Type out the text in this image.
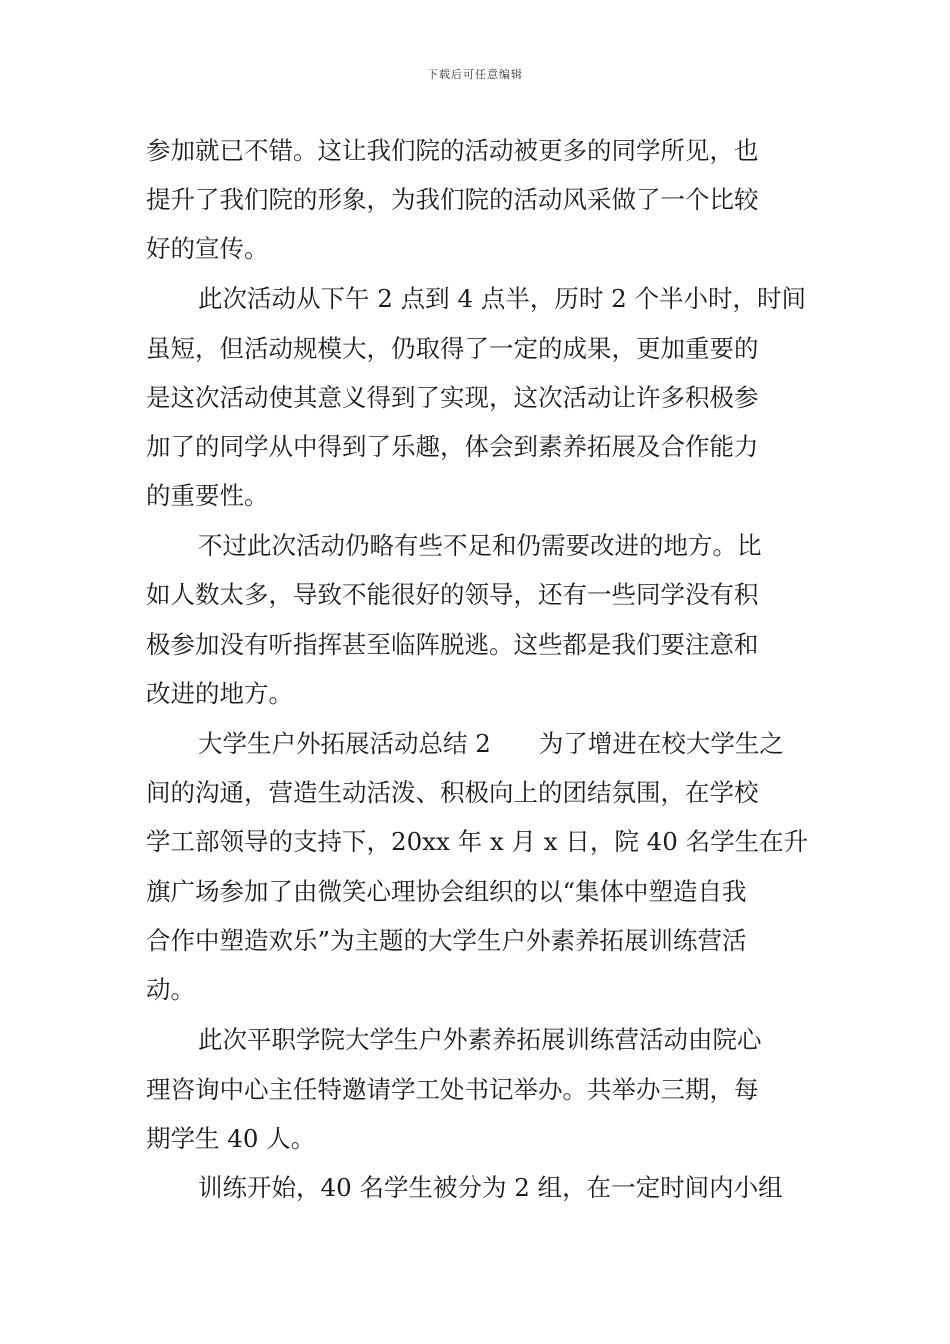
下载后可任意编辑
参加就已不错。这让我们院的活动被更多的同学所见，也
提升了我们院的形象，为我们院的活动风采做了一个比较
好的宣传。
此次活动从下午 2 点到 4 点半，历时 2 个半小时，时间
虽短，但活动规模大，仍取得了一定的成果，更加重要的
是这次活动使其意义得到了实现，这次活动让许多积极参
加了的同学从中得到了乐趣，体会到素养拓展及合作能力
的重要性。
不过此次活动仍略有些不足和仍需要改进的地方。比
如人数太多，导致不能很好的领导，还有一些同学没有积
极参加没有听指挥甚至临阵脱逃。这些都是我们要注意和
改进的地方。
大学生户外拓展活动总结 2 为了增进在校大学生之
间的沟通，营造生动活泼、积极向上的团结氛围，在学校
学工部领导的支持下，20xx 年 x 月 x 日，院 40 名学生在升
旗广场参加了由微笑心理协会组织的以“集体中塑造自我
合作中塑造欢乐”为主题的大学生户外素养拓展训练营活
动。
此次平职学院大学生户外素养拓展训练营活动由院心
理咨询中心主任特邀请学工处书记举办。共举办三期，每
期学生 40 人。
训练开始，40 名学生被分为 2 组，在一定时间内小组
